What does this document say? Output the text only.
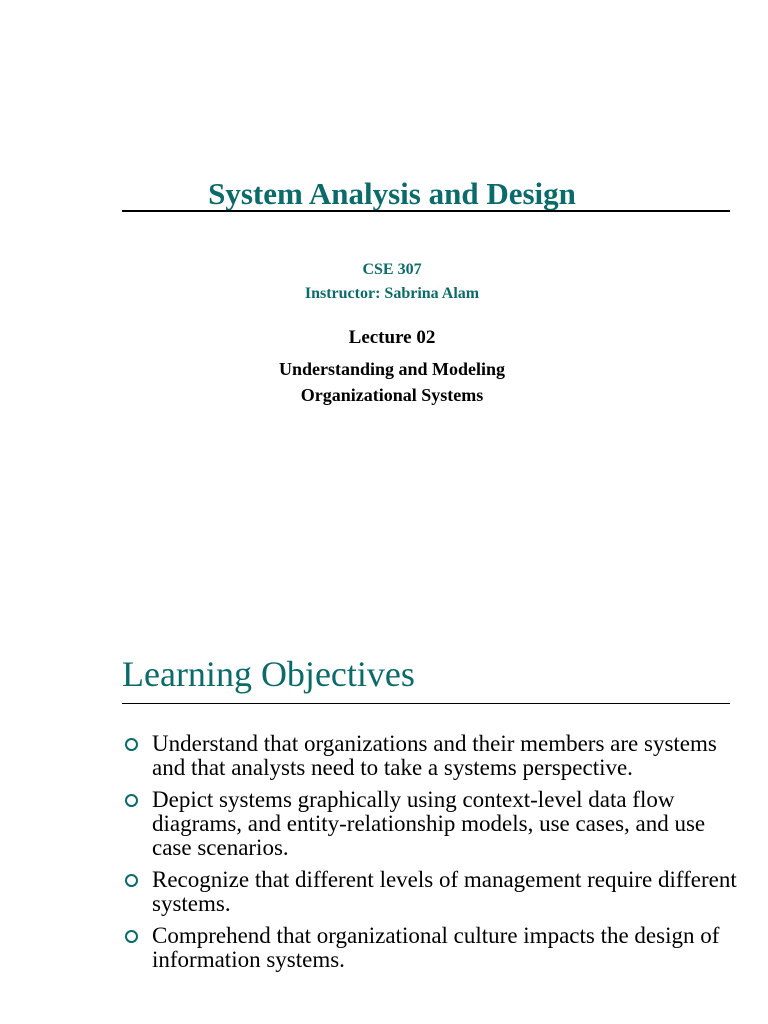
System Analysis and Design
CSE 307
Instructor: Sabrina Alam
Lecture 02
Understanding and Modeling
Organizational Systems
Learning Objectives
Understand that organizations and their members are systems and that analysts need to take a systems perspective.
Depict systems graphically using context-level data flow diagrams, and entity-relationship models, use cases, and use case scenarios.
Recognize that different levels of management require different systems.
Comprehend that organizational culture impacts the design of information systems.
